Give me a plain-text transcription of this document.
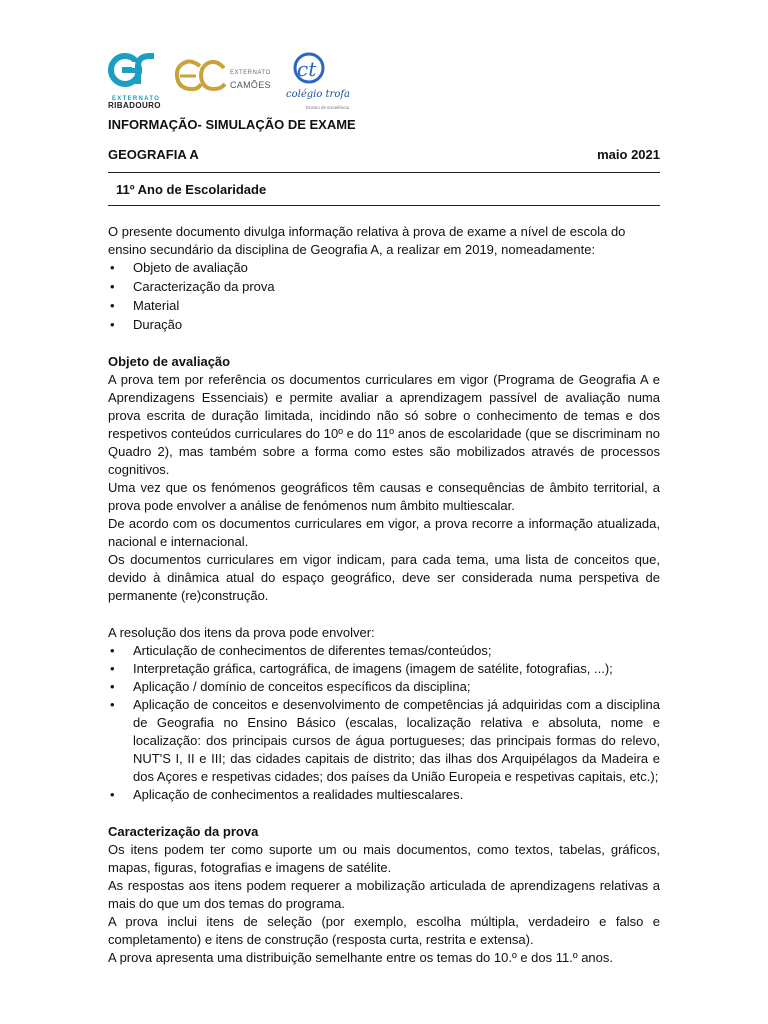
EXTERNATO
RIBADOURO
EXTERNATO
CAMÕES
ct
colégio trofa
Ensino de Excelência
INFORMAÇÃO- SIMULAÇÃO DE EXAME
GEOGRAFIA A	maio 2021
11º Ano de Escolaridade

O presente documento divulga informação relativa à prova de exame a nível de escola do ensino secundário da disciplina de Geografia A, a realizar em 2019, nomeadamente:

• Objeto de avaliação
• Caracterização da prova
• Material
• Duração

Objeto de avaliação

A prova tem por referência os documentos curriculares em vigor (Programa de Geografia A e Aprendizagens Essenciais) e permite avaliar a aprendizagem passível de avaliação numa prova escrita de duração limitada, incidindo não só sobre o conhecimento de temas e dos respetivos conteúdos curriculares do 10º e do 11º anos de escolaridade (que se discriminam no Quadro 2), mas também sobre a forma como estes são mobilizados através de processos cognitivos.

Uma vez que os fenómenos geográficos têm causas e consequências de âmbito territorial, a prova pode envolver a análise de fenómenos num âmbito multiescalar.

De acordo com os documentos curriculares em vigor, a prova recorre a informação atualizada, nacional e internacional.

Os documentos curriculares em vigor indicam, para cada tema, uma lista de conceitos que, devido à dinâmica atual do espaço geográfico, deve ser considerada numa perspetiva de permanente (re)construção.

A resolução dos itens da prova pode envolver:

• Articulação de conhecimentos de diferentes temas/conteúdos;
• Interpretação gráfica, cartográfica, de imagens (imagem de satélite, fotografias, ...);
• Aplicação / domínio de conceitos específicos da disciplina;
• Aplicação de conceitos e desenvolvimento de competências já adquiridas com a disciplina de Geografia no Ensino Básico (escalas, localização relativa e absoluta, nome e localização: dos principais cursos de água portugueses; das principais formas do relevo, NUT'S I, II e III; das cidades capitais de distrito; das ilhas dos Arquipélagos da Madeira e dos Açores e respetivas cidades; dos países da União Europeia e respetivas capitais, etc.);
• Aplicação de conhecimentos a realidades multiescalares.

Caracterização da prova

Os itens podem ter como suporte um ou mais documentos, como textos, tabelas, gráficos, mapas, figuras, fotografias e imagens de satélite.

As respostas aos itens podem requerer a mobilização articulada de aprendizagens relativas a mais do que um dos temas do programa.

A prova inclui itens de seleção (por exemplo, escolha múltipla, verdadeiro e falso e completamento) e itens de construção (resposta curta, restrita e extensa).

A prova apresenta uma distribuição semelhante entre os temas do 10.º e dos 11.º anos.
